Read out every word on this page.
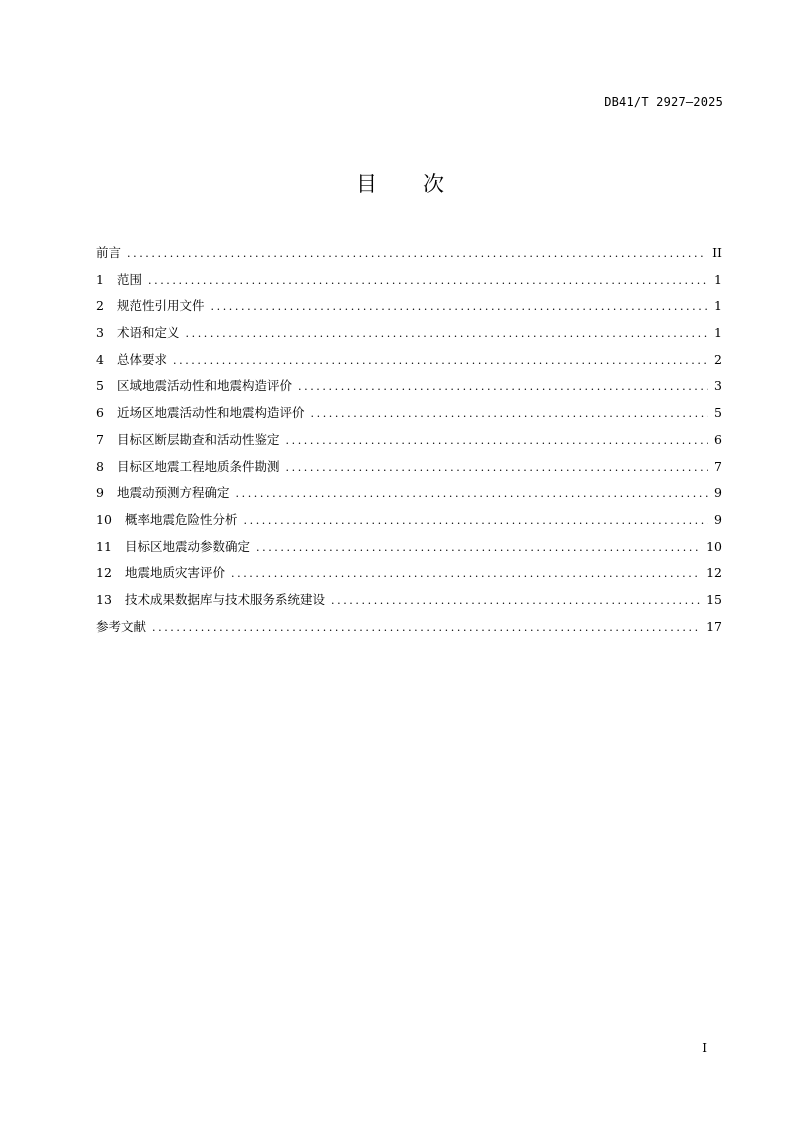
DB41/T 2927—2025
目次
前言 .....	II
1	范围 .....	1
2	规范性引用文件 .....	1
3	术语和定义 .....	1
4	总体要求 .....	2
5	区域地震活动性和地震构造评价 .....	3
6	近场区地震活动性和地震构造评价 .....	5
7	目标区断层勘查和活动性鉴定 .....	6
8	目标区地震工程地质条件勘测 .....	7
9	地震动预测方程确定 .....	9
10	概率地震危险性分析 .....	9
11	目标区地震动参数确定 .....	10
12	地震地质灾害评价 .....	12
13	技术成果数据库与技术服务系统建设 .....	15
参考文献 .....	17
I
